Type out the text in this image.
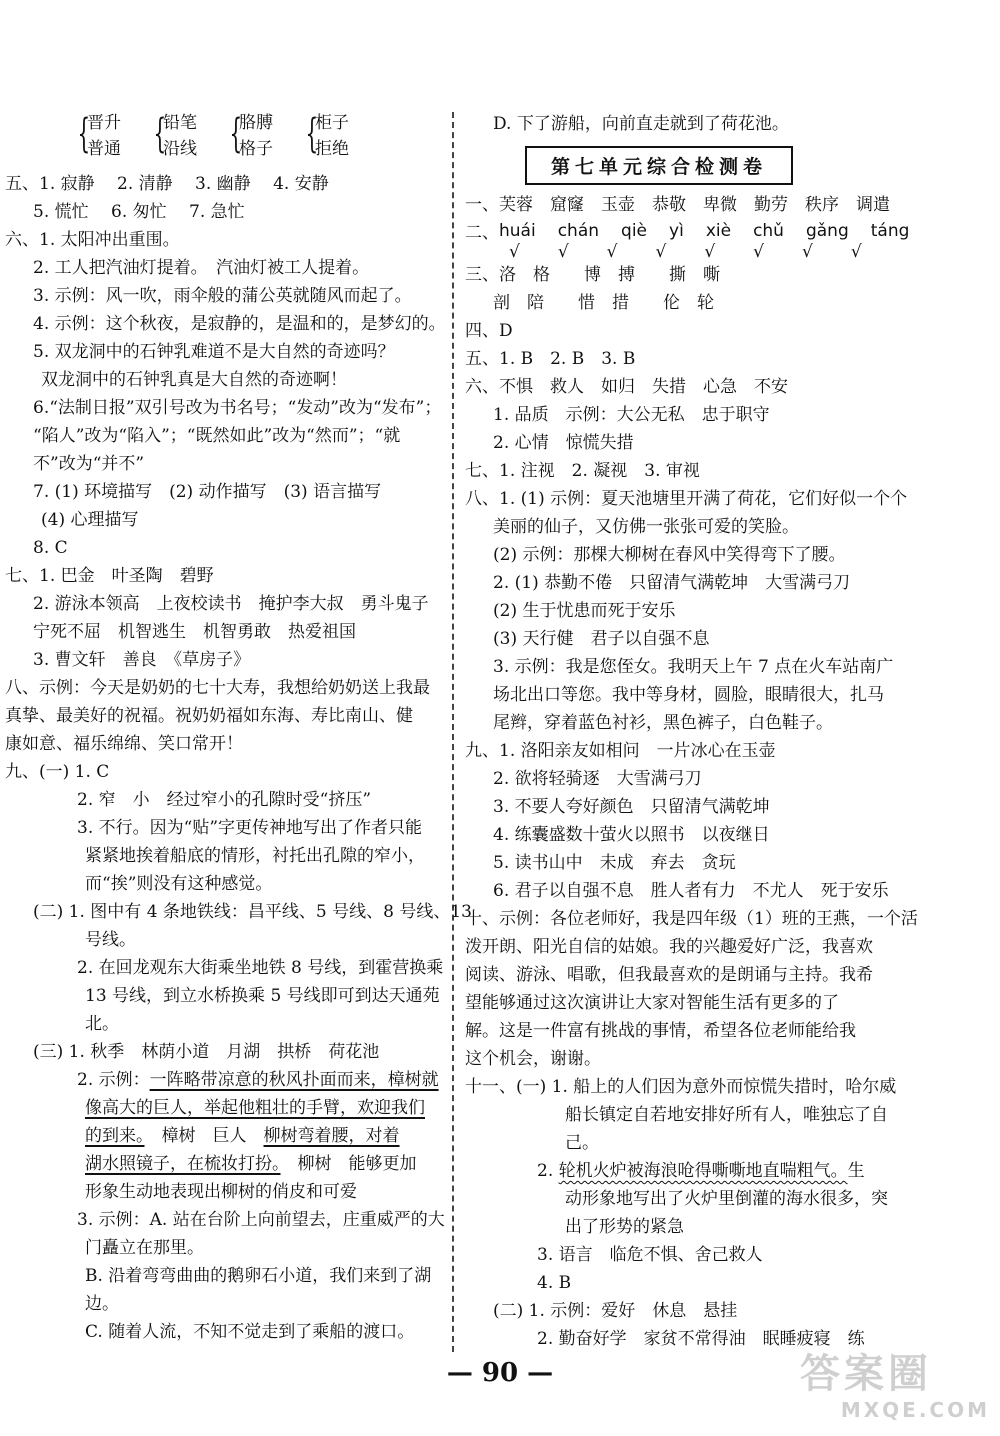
{
晋升
普通 {
铅笔
沿线 {
胳膊
格子 {
柜子
拒绝

五、1. 寂静　 2. 清静　 3. 幽静　 4. 安静

5. 慌忙　 6. 匆忙　 7. 急忙

六、1. 太阳冲出重围。

2. 工人把汽油灯提着。　汽油灯被工人提着。

3. 示例：风一吹，雨伞般的蒲公英就随风而起了。

4. 示例：这个秋夜，是寂静的，是温和的，是梦幻的。

5. 双龙洞中的石钟乳难道不是大自然的奇迹吗？

双龙洞中的石钟乳真是大自然的奇迹啊！

6.“法制日报”双引号改为书名号；“发动”改为“发布”；

“陷人”改为“陷入”；“既然如此”改为“然而”；“就

不”改为“并不”

7. (1) 环境描写　(2) 动作描写　(3) 语言描写

(4) 心理描写

8. C

七、1. 巴金　叶圣陶　碧野

2. 游泳本领高　上夜校读书　掩护李大叔　勇斗鬼子

宁死不屈　机智逃生　机智勇敢　热爱祖国

3. 曹文轩　善良　《草房子》

八、示例：今天是奶奶的七十大寿，我想给奶奶送上我最

真挚、最美好的祝福。祝奶奶福如东海、寿比南山、健

康如意、福乐绵绵、笑口常开！

九、(一) 1. C

2. 窄　小　经过窄小的孔隙时受“挤压”

3. 不行。因为“贴”字更传神地写出了作者只能

紧紧地挨着船底的情形，衬托出孔隙的窄小，

而“挨”则没有这种感觉。

(二) 1. 图中有 4 条地铁线：昌平线、5 号线、8 号线、13

号线。

2. 在回龙观东大街乘坐地铁 8 号线，到霍营换乘

13 号线，到立水桥换乘 5 号线即可到达天通苑

北。

(三) 1. 秋季　林荫小道　月湖　拱桥　荷花池

2. 示例：一阵略带凉意的秋风扑面而来，樟树就

像高大的巨人，举起他粗壮的手臂，欢迎我们

的到来。　樟树　巨人　柳树弯着腰，对着

湖水照镜子，在梳妆打扮。　柳树　能够更加

形象生动地表现出柳树的俏皮和可爱

3. 示例：A. 站在台阶上向前望去，庄重威严的大

门矗立在那里。

B. 沿着弯弯曲曲的鹅卵石小道，我们来到了湖

边。

C. 随着人流，不知不觉走到了乘船的渡口。

D. 下了游船，向前直走就到了荷花池。

第七单元综合检测卷

一、芙蓉　窟窿　玉壶　恭敬　卑微　勤劳　秩序　调遣

二、 huái chán qiè yì xiè chǔ gǎng táng
√√√√√√√√

三、洛　格　　博　搏　　撕　嘶

剖　陪　　惜　措　　伦　轮

四、D

五、1. B　2. B　3. B

六、不惧　救人　如归　失措　心急　不安

1. 品质　示例：大公无私　忠于职守

2. 心情　惊慌失措

七、1. 注视　2. 凝视　3. 审视

八、1. (1) 示例：夏天池塘里开满了荷花，它们好似一个个

美丽的仙子，又仿佛一张张可爱的笑脸。

(2) 示例：那棵大柳树在春风中笑得弯下了腰。

2. (1) 恭勤不倦　只留清气满乾坤　大雪满弓刀

(2) 生于忧患而死于安乐

(3) 天行健　君子以自强不息

3. 示例：我是您侄女。我明天上午 7 点在火车站南广

场北出口等您。我中等身材，圆脸，眼睛很大，扎马

尾辫，穿着蓝色衬衫，黑色裤子，白色鞋子。

九、1. 洛阳亲友如相问　一片冰心在玉壶

2. 欲将轻骑逐　大雪满弓刀

3. 不要人夸好颜色　只留清气满乾坤

4. 练囊盛数十萤火以照书　以夜继日

5. 读书山中　未成　弃去　贪玩

6. 君子以自强不息　胜人者有力　不尤人　死于安乐

十、示例：各位老师好，我是四年级（1）班的王燕，一个活

泼开朗、阳光自信的姑娘。我的兴趣爱好广泛，我喜欢

阅读、游泳、唱歌，但我最喜欢的是朗诵与主持。我希

望能够通过这次演讲让大家对智能生活有更多的了

解。这是一件富有挑战的事情，希望各位老师能给我

这个机会，谢谢。

十一、(一) 1. 船上的人们因为意外而惊慌失措时，哈尔威

船长镇定自若地安排好所有人，唯独忘了自

己。

2. 轮机火炉被海浪呛得嘶嘶地直喘粗气。生

动形象地写出了火炉里倒灌的海水很多，突

出了形势的紧急

3. 语言　临危不惧、舍己救人

4. B

(二) 1. 示例：爱好　休息　悬挂

2. 勤奋好学　家贫不常得油　眠睡疲寝　练

— 90 —	答案圈
MXQE.COM
